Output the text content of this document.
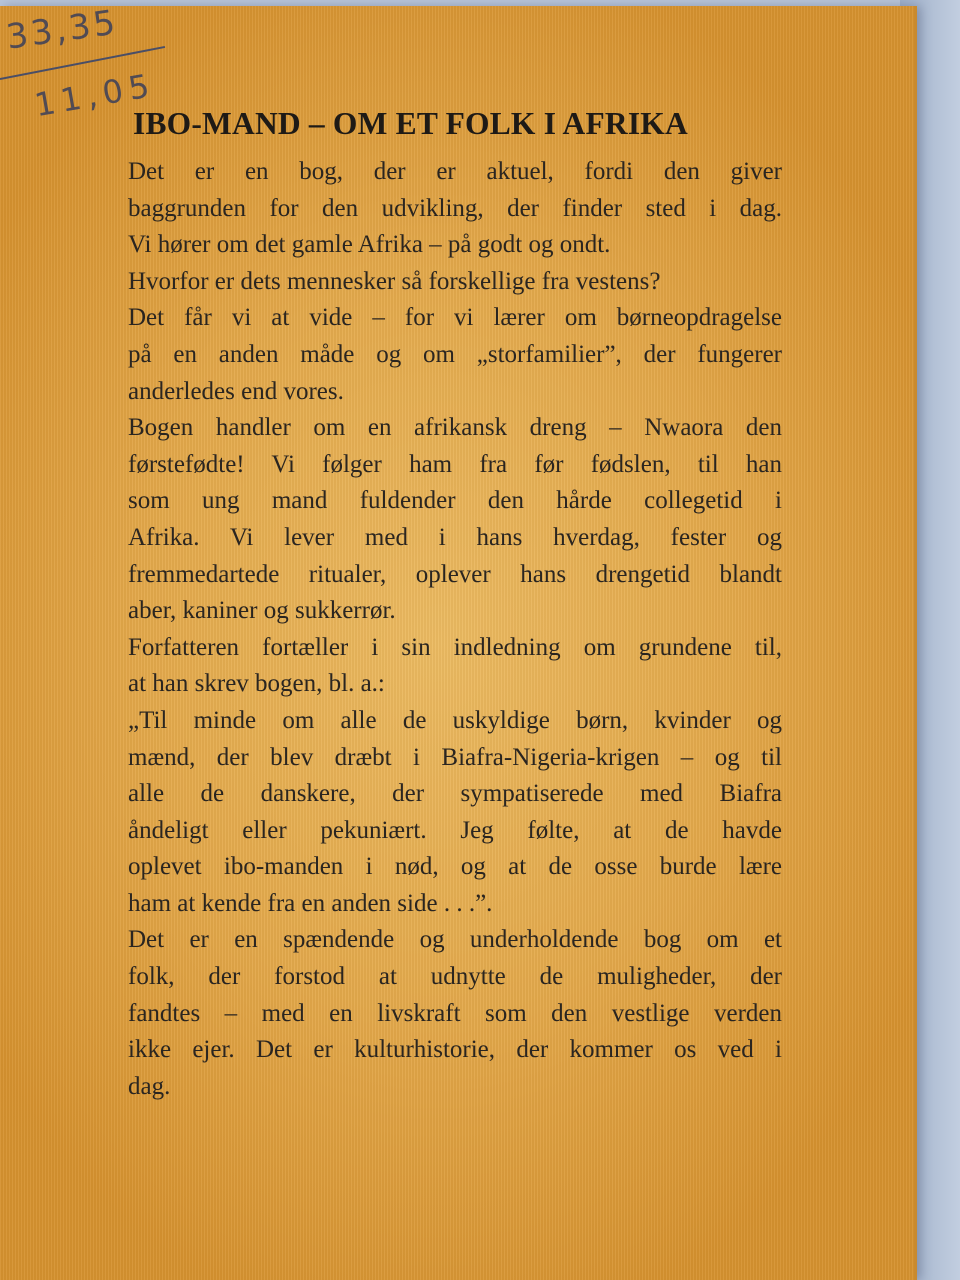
33,35
11,05
IBO-MAND – OM ET FOLK I AFRIKA
Det er en bog, der er aktuel, fordi den giver
baggrunden for den udvikling, der finder sted i dag.
Vi hører om det gamle Afrika – på godt og ondt.
Hvorfor er dets mennesker så forskellige fra vestens?
Det får vi at vide – for vi lærer om børneopdragelse
på en anden måde og om „storfamilier”, der fungerer
anderledes end vores.
Bogen handler om en afrikansk dreng – Nwaora den
førstefødte! Vi følger ham fra før fødslen, til han
som ung mand fuldender den hårde collegetid i
Afrika. Vi lever med i hans hverdag, fester og
fremmedartede ritualer, oplever hans drengetid blandt
aber, kaniner og sukkerrør.
Forfatteren fortæller i sin indledning om grundene til,
at han skrev bogen, bl. a.:
„Til minde om alle de uskyldige børn, kvinder og
mænd, der blev dræbt i Biafra-Nigeria-krigen – og til
alle de danskere, der sympatiserede med Biafra
åndeligt eller pekuniært. Jeg følte, at de havde
oplevet ibo-manden i nød, og at de osse burde lære
ham at kende fra en anden side . . .”.
Det er en spændende og underholdende bog om et
folk, der forstod at udnytte de muligheder, der
fandtes – med en livskraft som den vestlige verden
ikke ejer. Det er kulturhistorie, der kommer os ved i
dag.
